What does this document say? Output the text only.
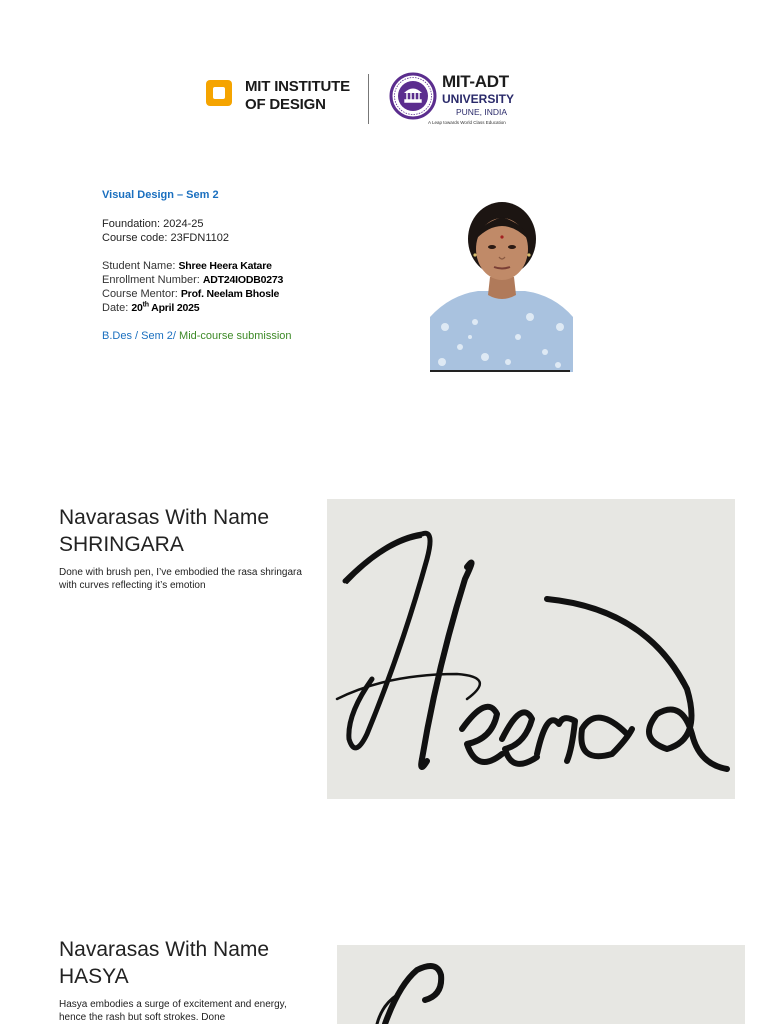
MIT INSTITUTE
OF DESIGN
MIT-ADT
UNIVERSITY
PUNE, INDIA
A Leap towards World Class Education
Visual Design – Sem 2
Foundation: 2024-25
Course code: 23FDN1102
Student Name: Shree Heera Katare
Enrollment Number: ADT24IODB0273
Course Mentor: Prof. Neelam Bhosle
Date: 20th April 2025
B.Des / Sem 2/ Mid-course submission
Navarasas With Name
SHRINGARA
Done with brush pen, I’ve embodied the rasa shringara with curves reflecting it’s emotion
Navarasas With Name
HASYA
Hasya embodies a surge of excitement and energy, hence the rash but soft strokes. Done
